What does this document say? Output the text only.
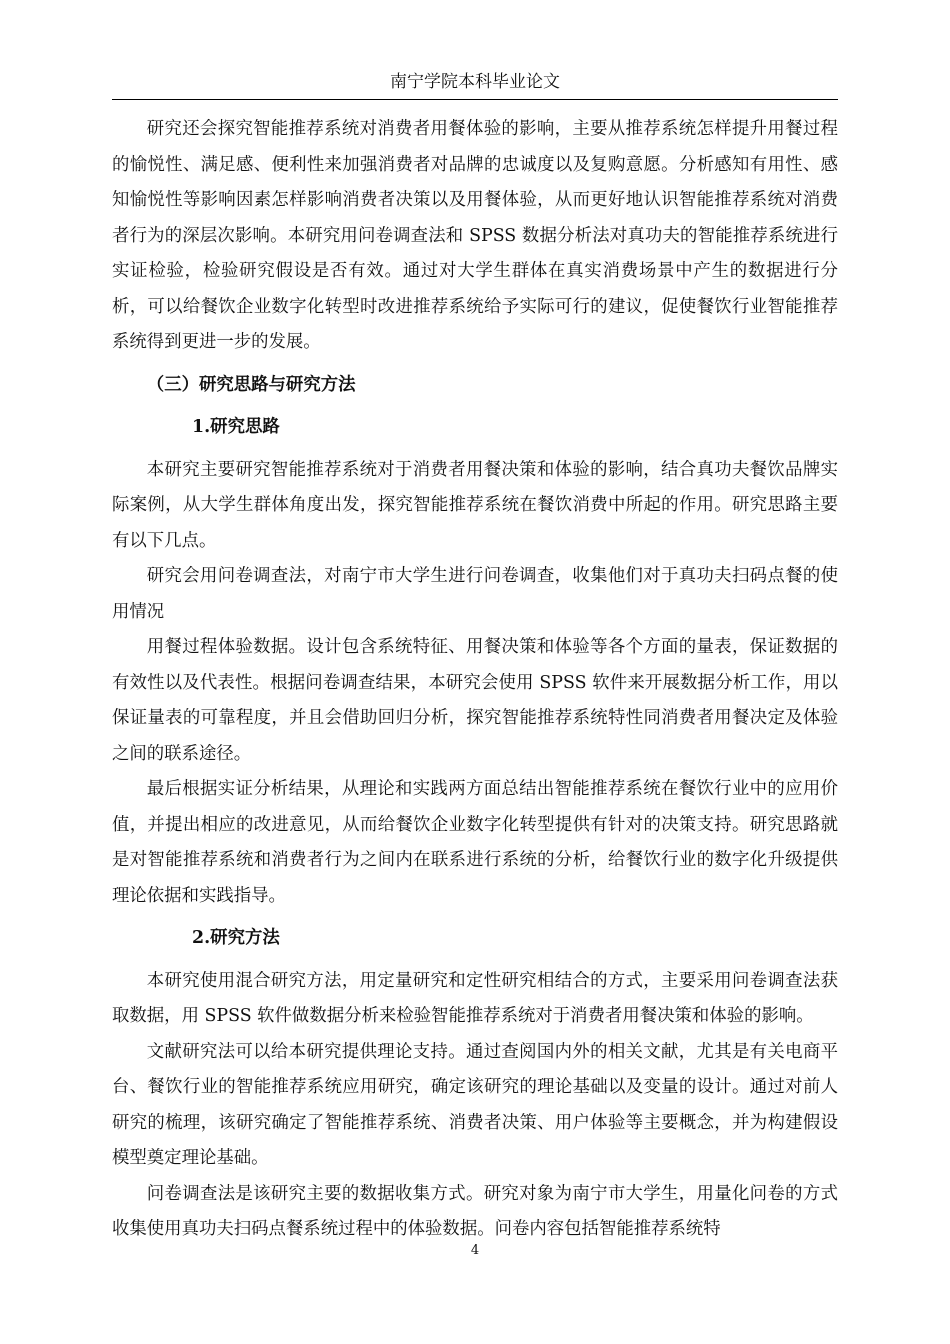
南宁学院本科毕业论文

研究还会探究智能推荐系统对消费者用餐体验的影响，主要从推荐系统怎样提升用餐过程的愉悦性、满足感、便利性来加强消费者对品牌的忠诚度以及复购意愿。分析感知有用性、感知愉悦性等影响因素怎样影响消费者决策以及用餐体验，从而更好地认识智能推荐系统对消费者行为的深层次影响。本研究用问卷调查法和 SPSS 数据分析法对真功夫的智能推荐系统进行实证检验，检验研究假设是否有效。通过对大学生群体在真实消费场景中产生的数据进行分析，可以给餐饮企业数字化转型时改进推荐系统给予实际可行的建议，促使餐饮行业智能推荐系统得到更进一步的发展。

（三）研究思路与研究方法

1.研究思路

本研究主要研究智能推荐系统对于消费者用餐决策和体验的影响，结合真功夫餐饮品牌实际案例，从大学生群体角度出发，探究智能推荐系统在餐饮消费中所起的作用。研究思路主要有以下几点。

研究会用问卷调查法，对南宁市大学生进行问卷调查，收集他们对于真功夫扫码点餐的使用情况

用餐过程体验数据。设计包含系统特征、用餐决策和体验等各个方面的量表，保证数据的有效性以及代表性。根据问卷调查结果，本研究会使用 SPSS 软件来开展数据分析工作，用以保证量表的可靠程度，并且会借助回归分析，探究智能推荐系统特性同消费者用餐决定及体验之间的联系途径。

最后根据实证分析结果，从理论和实践两方面总结出智能推荐系统在餐饮行业中的应用价值，并提出相应的改进意见，从而给餐饮企业数字化转型提供有针对的决策支持。研究思路就是对智能推荐系统和消费者行为之间内在联系进行系统的分析，给餐饮行业的数字化升级提供理论依据和实践指导。

2.研究方法

本研究使用混合研究方法，用定量研究和定性研究相结合的方式，主要采用问卷调查法获取数据，用 SPSS 软件做数据分析来检验智能推荐系统对于消费者用餐决策和体验的影响。

文献研究法可以给本研究提供理论支持。通过查阅国内外的相关文献，尤其是有关电商平台、餐饮行业的智能推荐系统应用研究，确定该研究的理论基础以及变量的设计。通过对前人研究的梳理，该研究确定了智能推荐系统、消费者决策、用户体验等主要概念，并为构建假设模型奠定理论基础。

问卷调查法是该研究主要的数据收集方式。研究对象为南宁市大学生，用量化问卷的方式收集使用真功夫扫码点餐系统过程中的体验数据。问卷内容包括智能推荐系统特

4
